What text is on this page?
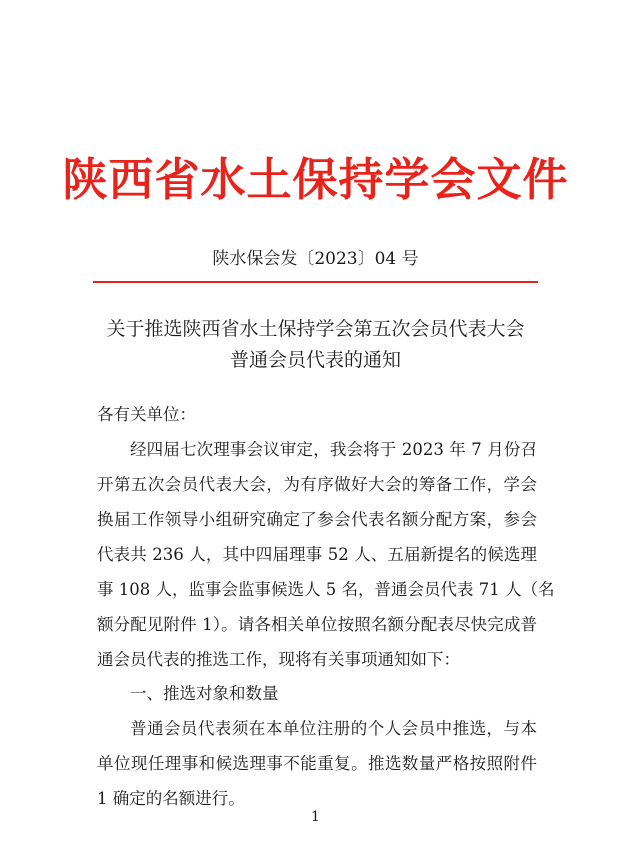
陕西省水土保持学会文件
陕水保会发〔2023〕04 号
关于推选陕西省水土保持学会第五次会员代表大会
普通会员代表的通知
各有关单位：
经四届七次理事会议审定，我会将于 2023 年 7 月份召
开第五次会员代表大会，为有序做好大会的筹备工作，学会
换届工作领导小组研究确定了参会代表名额分配方案，参会
代表共 236 人，其中四届理事 52 人、五届新提名的候选理
事 108 人，监事会监事候选人 5 名，普通会员代表 71 人（名
额分配见附件 1）。请各相关单位按照名额分配表尽快完成普
通会员代表的推选工作，现将有关事项通知如下：
一、推选对象和数量
普通会员代表须在本单位注册的个人会员中推选，与本
单位现任理事和候选理事不能重复。推选数量严格按照附件
1 确定的名额进行。
1
